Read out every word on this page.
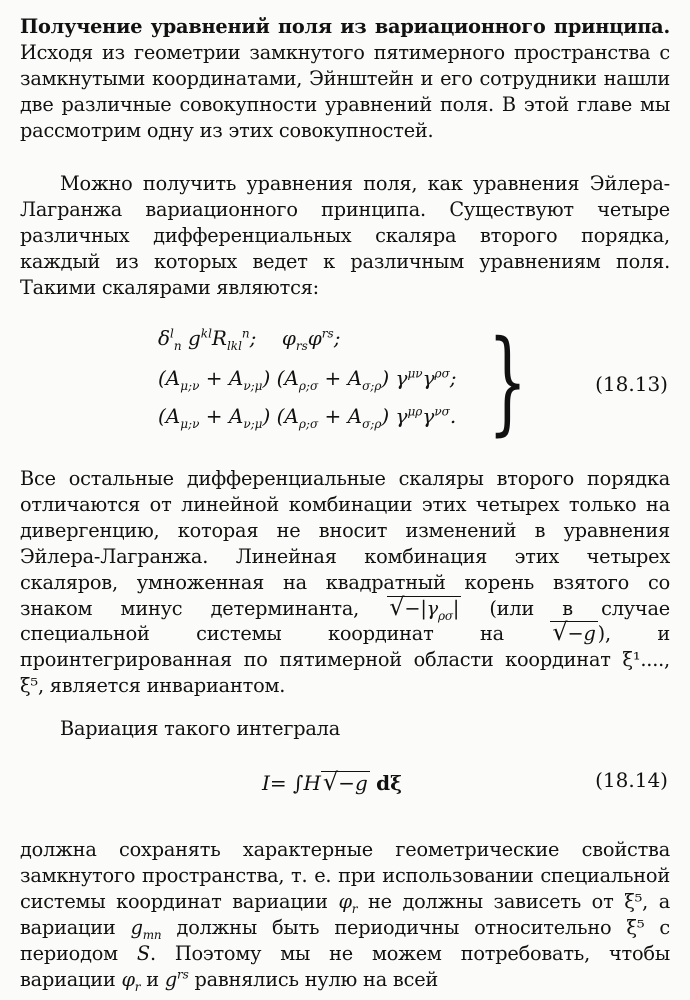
Получение уравнений поля из вариационного принципа. Исходя из геометрии замкнутого пятимерного пространства с замкнутыми координатами, Эйнштейн и его сотрудники нашли две различные совокупности уравнений поля. В этой главе мы рассмотрим одну из этих совокупностей.

Можно получить уравнения поля, как уравнения Эйлера-Лагранжа вариационного принципа. Существуют четыре различных дифференциальных скаляра второго порядка, каждый из которых ведет к различным уравнениям поля. Такими скалярами являются:

$\delta^l_n$ $g^{kl}R_{lkl}^n$; $\varphi_{rs}\varphi^{rs}$;
$(A_{\mu;\nu} + A_{\nu;\mu}) (A_{\rho;\sigma} + A_{\sigma;\rho})$ $\gamma^{\mu\nu}\gamma^{\rho\sigma}$;
$(A_{\mu;\nu} + A_{\nu;\mu}) (A_{\rho;\sigma} + A_{\sigma;\rho})$ $\gamma^{\mu\rho}\gamma^{\nu\sigma}$. }	(18.13)

Все остальные дифференциальные скаляры второго порядка отличаются от линейной комбинации этих четырех только на дивергенцию, которая не вносит изменений в уравнения Эйлера-Лагранжа. Линейная комбинация этих четырех скаляров, умноженная на квадратный корень взятого со знаком минус детерминанта, $√-|\gamma_{\rho\sigma}|$ (или в случае специальной системы координат на √−g ), и проинтегрированная по пятимерной области координат ξ¹...., ξ⁵, является инвариантом.

Вариация такого интеграла

I= ∫H√−g dξ	(18.14)

должна сохранять характерные геометрические свойства замкнутого пространства, т. е. при использовании специальной системы координат вариации $\varphi_r$ не должны зависеть от ξ⁵, а вариации $g_{mn}$ должны быть периодичны относительно ξ⁵ с периодом S. Поэтому мы не можем потребовать, чтобы вариации $\varphi_r$ и $g^{rs}$ равнялись нулю на всей
